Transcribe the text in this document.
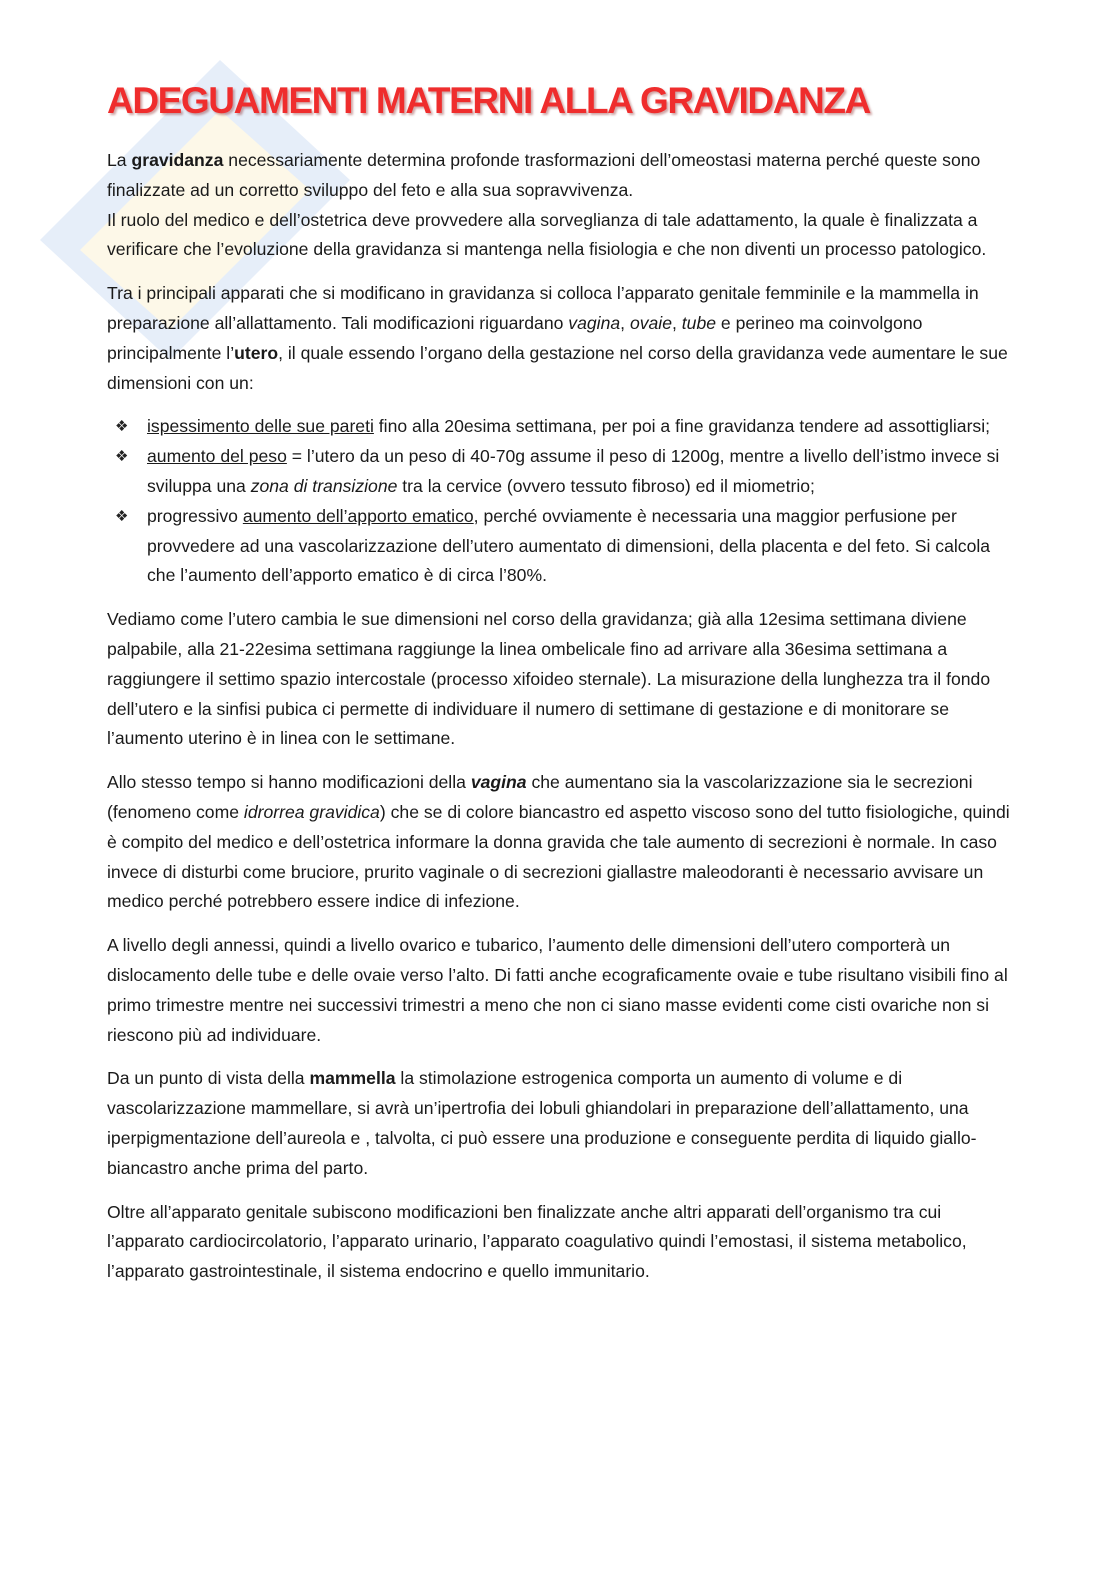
ADEGUAMENTI MATERNI ALLA GRAVIDANZA

La gravidanza necessariamente determina profonde trasformazioni dell’omeostasi materna perché queste sono finalizzate ad un corretto sviluppo del feto e alla sua sopravvivenza.
Il ruolo del medico e dell’ostetrica deve provvedere alla sorveglianza di tale adattamento, la quale è finalizzata a verificare che l’evoluzione della gravidanza si mantenga nella fisiologia e che non diventi un processo patologico.

Tra i principali apparati che si modificano in gravidanza si colloca l’apparato genitale femminile e la mammella in preparazione all’allattamento. Tali modificazioni riguardano vagina, ovaie, tube e perineo ma coinvolgono principalmente l’utero, il quale essendo l’organo della gestazione nel corso della gravidanza vede aumentare le sue dimensioni con un:

❖ ispessimento delle sue pareti fino alla 20esima settimana, per poi a fine gravidanza tendere ad assottigliarsi;
❖ aumento del peso = l’utero da un peso di 40-70g assume il peso di 1200g, mentre a livello dell’istmo invece si sviluppa una zona di transizione tra la cervice (ovvero tessuto fibroso) ed il miometrio;
❖ progressivo aumento dell’apporto ematico, perché ovviamente è necessaria una maggior perfusione per provvedere ad una vascolarizzazione dell’utero aumentato di dimensioni, della placenta e del feto. Si calcola che l’aumento dell’apporto ematico è di circa l’80%.

Vediamo come l’utero cambia le sue dimensioni nel corso della gravidanza; già alla 12esima settimana diviene palpabile, alla 21-22esima settimana raggiunge la linea ombelicale fino ad arrivare alla 36esima settimana a raggiungere il settimo spazio intercostale (processo xifoideo sternale). La misurazione della lunghezza tra il fondo dell’utero e la sinfisi pubica ci permette di individuare il numero di settimane di gestazione e di monitorare se l’aumento uterino è in linea con le settimane.

Allo stesso tempo si hanno modificazioni della vagina che aumentano sia la vascolarizzazione sia le secrezioni (fenomeno come idrorrea gravidica) che se di colore biancastro ed aspetto viscoso sono del tutto fisiologiche, quindi è compito del medico e dell’ostetrica informare la donna gravida che tale aumento di secrezioni è normale. In caso invece di disturbi come bruciore, prurito vaginale o di secrezioni giallastre maleodoranti è necessario avvisare un medico perché potrebbero essere indice di infezione.

A livello degli annessi, quindi a livello ovarico e tubarico, l’aumento delle dimensioni dell’utero comporterà un dislocamento delle tube e delle ovaie verso l’alto. Di fatti anche ecograficamente ovaie e tube risultano visibili fino al primo trimestre mentre nei successivi trimestri a meno che non ci siano masse evidenti come cisti ovariche non si riescono più ad individuare.

Da un punto di vista della mammella la stimolazione estrogenica comporta un aumento di volume e di vascolarizzazione mammellare, si avrà un’ipertrofia dei lobuli ghiandolari in preparazione dell’allattamento, una iperpigmentazione dell’aureola e , talvolta, ci può essere una produzione e conseguente perdita di liquido giallo-biancastro anche prima del parto.

Oltre all’apparato genitale subiscono modificazioni ben finalizzate anche altri apparati dell’organismo tra cui l’apparato cardiocircolatorio, l’apparato urinario, l’apparato coagulativo quindi l’emostasi, il sistema metabolico, l’apparato gastrointestinale, il sistema endocrino e quello immunitario.
